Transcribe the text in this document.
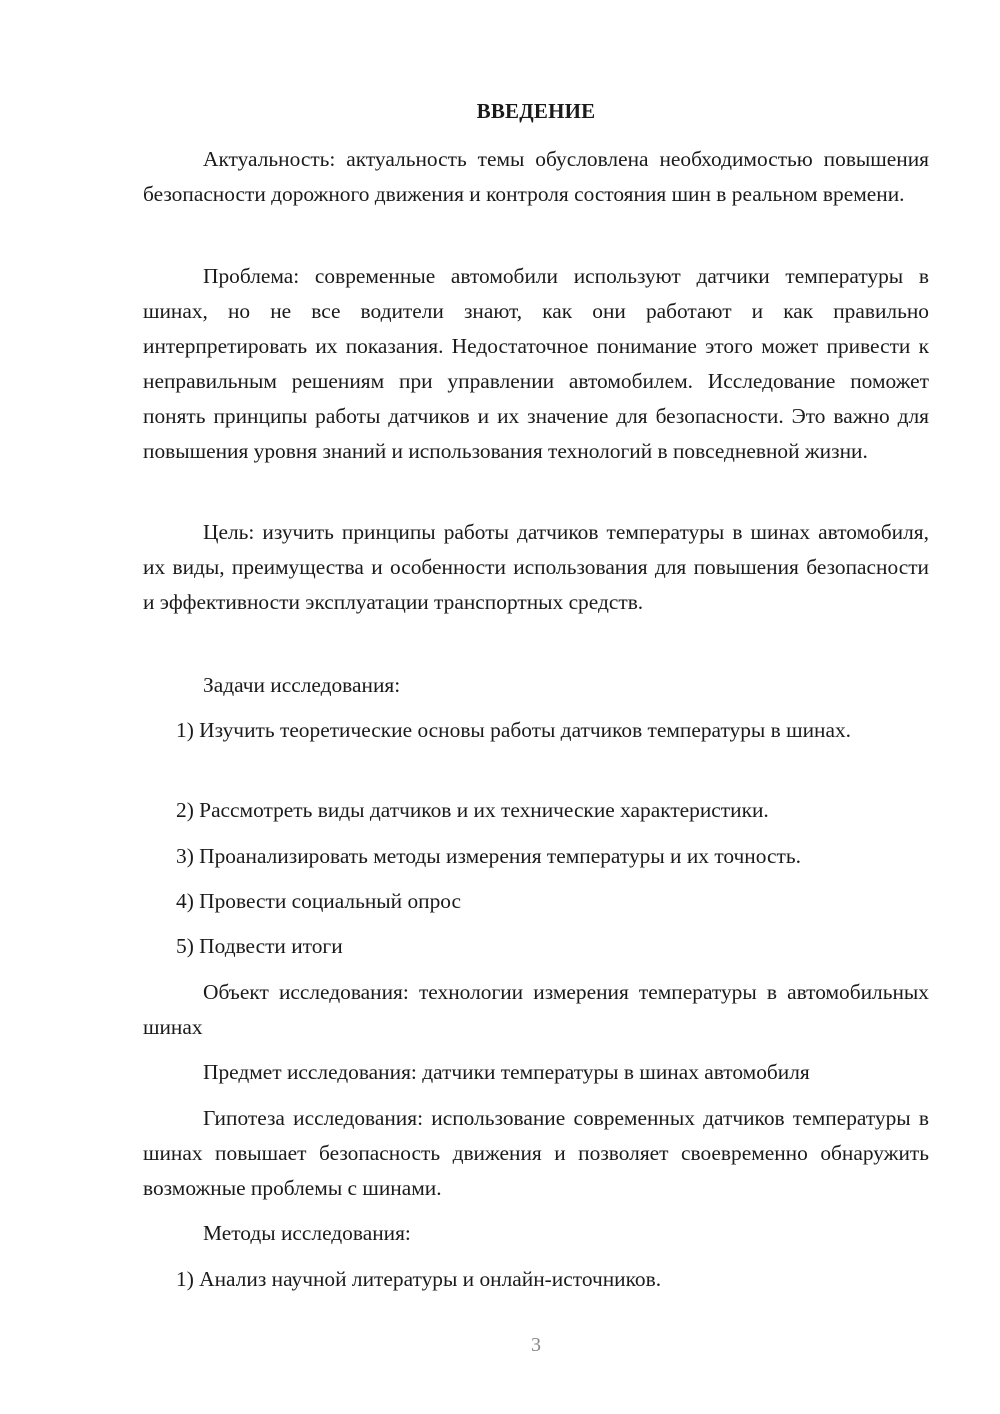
ВВЕДЕНИЕ
Актуальность: актуальность темы обусловлена необходимостью повышения безопасности дорожного движения и контроля состояния шин в реальном времени.
Проблема: современные автомобили используют датчики температуры в шинах, но не все водители знают, как они работают и как правильно интерпретировать их показания. Недостаточное понимание этого может привести к неправильным решениям при управлении автомобилем. Исследование поможет понять принципы работы датчиков и их значение для безопасности. Это важно для повышения уровня знаний и использования технологий в повседневной жизни.
Цель: изучить принципы работы датчиков температуры в шинах автомобиля, их виды, преимущества и особенности использования для повышения безопасности и эффективности эксплуатации транспортных средств.
Задачи исследования:
1) Изучить теоретические основы работы датчиков температуры в шинах.
2) Рассмотреть виды датчиков и их технические характеристики.
3) Проанализировать методы измерения температуры и их точность.
4) Провести социальный опрос
5) Подвести итоги
Объект исследования: технологии измерения температуры в автомобильных шинах
Предмет исследования: датчики температуры в шинах автомобиля
Гипотеза исследования: использование современных датчиков температуры в шинах повышает безопасность движения и позволяет своевременно обнаружить возможные проблемы с шинами.
Методы исследования:
1) Анализ научной литературы и онлайн-источников.
3
